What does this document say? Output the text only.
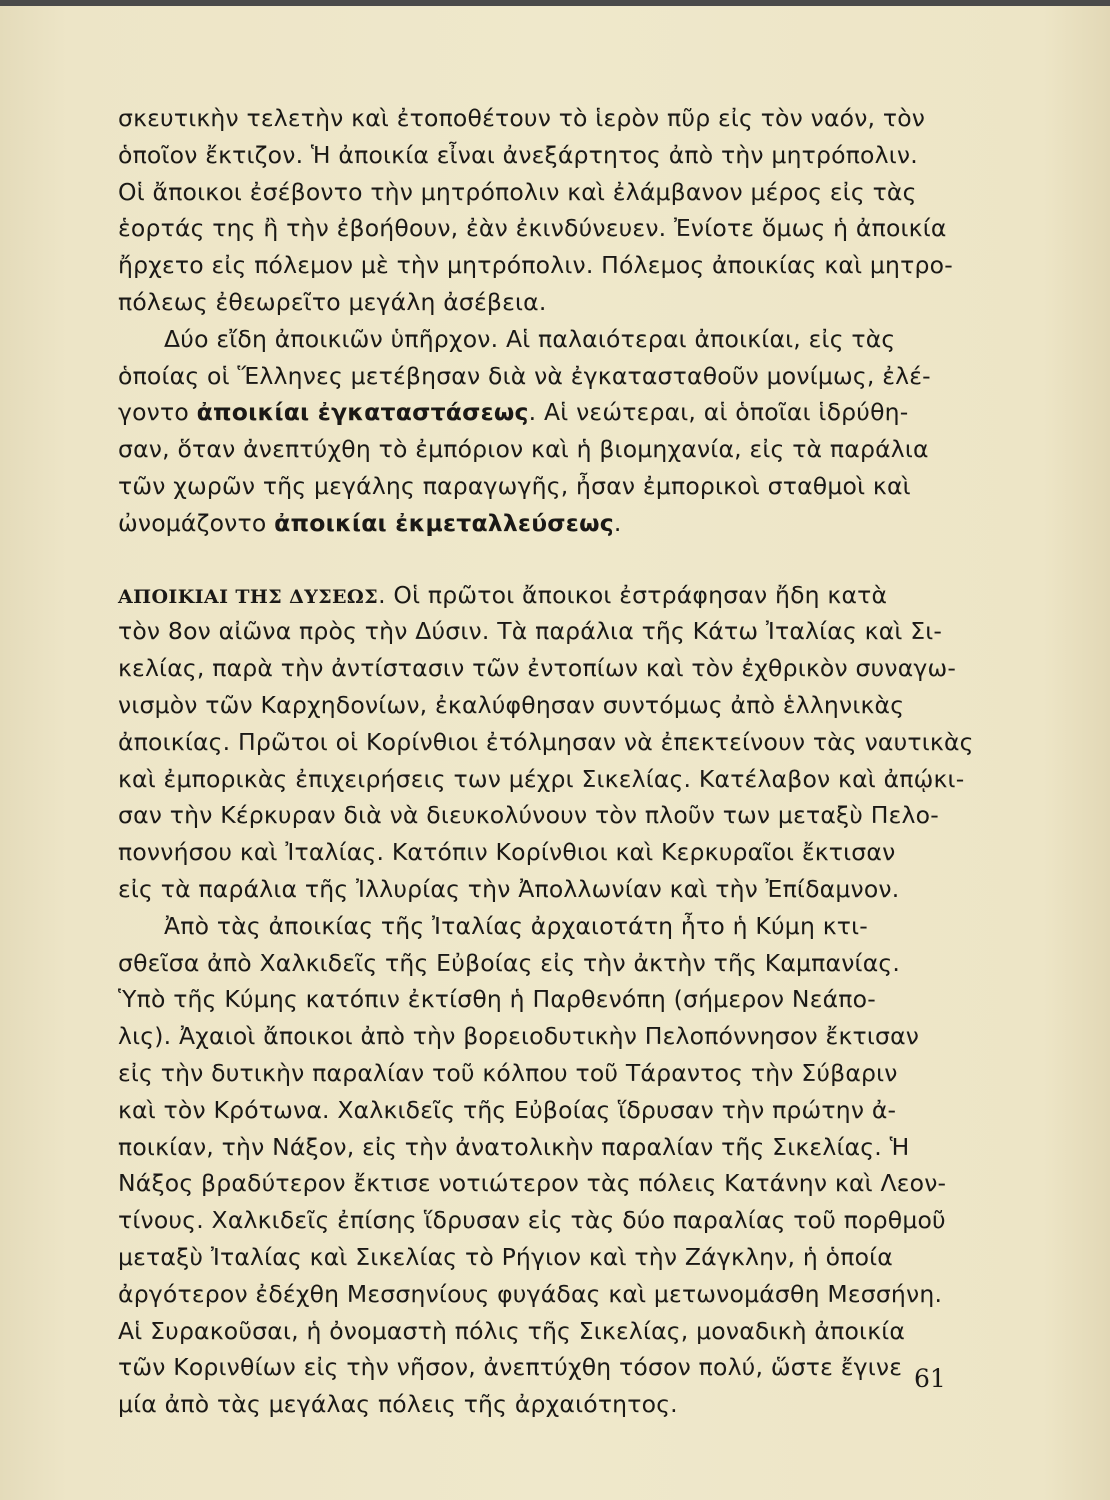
σκευτικὴν τελετὴν καὶ ἐτοποθέτουν τὸ ἱερὸν πῦρ εἰς τὸν ναόν, τὸν
ὁποῖον ἔκτιζον. Ἡ ἀποικία εἶναι ἀνεξάρτητος ἀπὸ τὴν μητρόπολιν.
Οἱ ἄποικοι ἐσέβοντο τὴν μητρόπολιν καὶ ἐλάμβανον μέρος εἰς τὰς
ἑορτάς της ἢ τὴν ἐβοήθουν, ἐὰν ἐκινδύνευεν. Ἐνίοτε ὅμως ἡ ἀποικία
ἤρχετο εἰς πόλεμον μὲ τὴν μητρόπολιν. Πόλεμος ἀποικίας καὶ μητρο-
πόλεως ἐθεωρεῖτο μεγάλη ἀσέβεια.
Δύο εἴδη ἀποικιῶν ὑπῆρχον. Αἱ παλαιότεραι ἀποικίαι, εἰς τὰς
ὁποίας οἱ Ἕλληνες μετέβησαν διὰ νὰ ἐγκατασταθοῦν μονίμως, ἐλέ-
γοντο ἀποικίαι ἐγκαταστάσεως. Αἱ νεώτεραι, αἱ ὁποῖαι ἱδρύθη-
σαν, ὅταν ἀνεπτύχθη τὸ ἐμπόριον καὶ ἡ βιομηχανία, εἰς τὰ παράλια
τῶν χωρῶν τῆς μεγάλης παραγωγῆς, ἦσαν ἐμπορικοὶ σταθμοὶ καὶ
ὠνομάζοντο ἀποικίαι ἐκμεταλλεύσεως.
ΑΠΟΙΚΙΑΙ ΤΗΣ ΔΥΣΕΩΣ. Οἱ πρῶτοι ἄποικοι ἐστράφησαν ἤδη κατὰ
τὸν 8ον αἰῶνα πρὸς τὴν Δύσιν. Τὰ παράλια τῆς Κάτω Ἰταλίας καὶ Σι-
κελίας, παρὰ τὴν ἀντίστασιν τῶν ἐντοπίων καὶ τὸν ἐχθρικὸν συναγω-
νισμὸν τῶν Καρχηδονίων, ἐκαλύφθησαν συντόμως ἀπὸ ἑλληνικὰς
ἀποικίας. Πρῶτοι οἱ Κορίνθιοι ἐτόλμησαν νὰ ἐπεκτείνουν τὰς ναυτικὰς
καὶ ἐμπορικὰς ἐπιχειρήσεις των μέχρι Σικελίας. Κατέλαβον καὶ ἀπῴκι-
σαν τὴν Κέρκυραν διὰ νὰ διευκολύνουν τὸν πλοῦν των μεταξὺ Πελο-
ποννήσου καὶ Ἰταλίας. Κατόπιν Κορίνθιοι καὶ Κερκυραῖοι ἔκτισαν
εἰς τὰ παράλια τῆς Ἰλλυρίας τὴν Ἀπολλωνίαν καὶ τὴν Ἐπίδαμνον.
Ἀπὸ τὰς ἀποικίας τῆς Ἰταλίας ἀρχαιοτάτη ἦτο ἡ Κύμη κτι-
σθεῖσα ἀπὸ Χαλκιδεῖς τῆς Εὐβοίας εἰς τὴν ἀκτὴν τῆς Καμπανίας.
Ὑπὸ τῆς Κύμης κατόπιν ἐκτίσθη ἡ Παρθενόπη (σήμερον Νεάπο-
λις). Ἀχαιοὶ ἄποικοι ἀπὸ τὴν βορειοδυτικὴν Πελοπόννησον ἔκτισαν
εἰς τὴν δυτικὴν παραλίαν τοῦ κόλπου τοῦ Τάραντος τὴν Σύβαριν
καὶ τὸν Κρότωνα. Χαλκιδεῖς τῆς Εὐβοίας ἵδρυσαν τὴν πρώτην ἀ-
ποικίαν, τὴν Νάξον, εἰς τὴν ἀνατολικὴν παραλίαν τῆς Σικελίας. Ἡ
Νάξος βραδύτερον ἔκτισε νοτιώτερον τὰς πόλεις Κατάνην καὶ Λεον-
τίνους. Χαλκιδεῖς ἐπίσης ἵδρυσαν εἰς τὰς δύο παραλίας τοῦ πορθμοῦ
μεταξὺ Ἰταλίας καὶ Σικελίας τὸ Ρήγιον καὶ τὴν Ζάγκλην, ἡ ὁποία
ἀργότερον ἐδέχθη Μεσσηνίους φυγάδας καὶ μετωνομάσθη Μεσσήνη.
Αἱ Συρακοῦσαι, ἡ ὀνομαστὴ πόλις τῆς Σικελίας, μοναδικὴ ἀποικία
τῶν Κορινθίων εἰς τὴν νῆσον, ἀνεπτύχθη τόσον πολύ, ὥστε ἔγινε
μία ἀπὸ τὰς μεγάλας πόλεις τῆς ἀρχαιότητος.
61
